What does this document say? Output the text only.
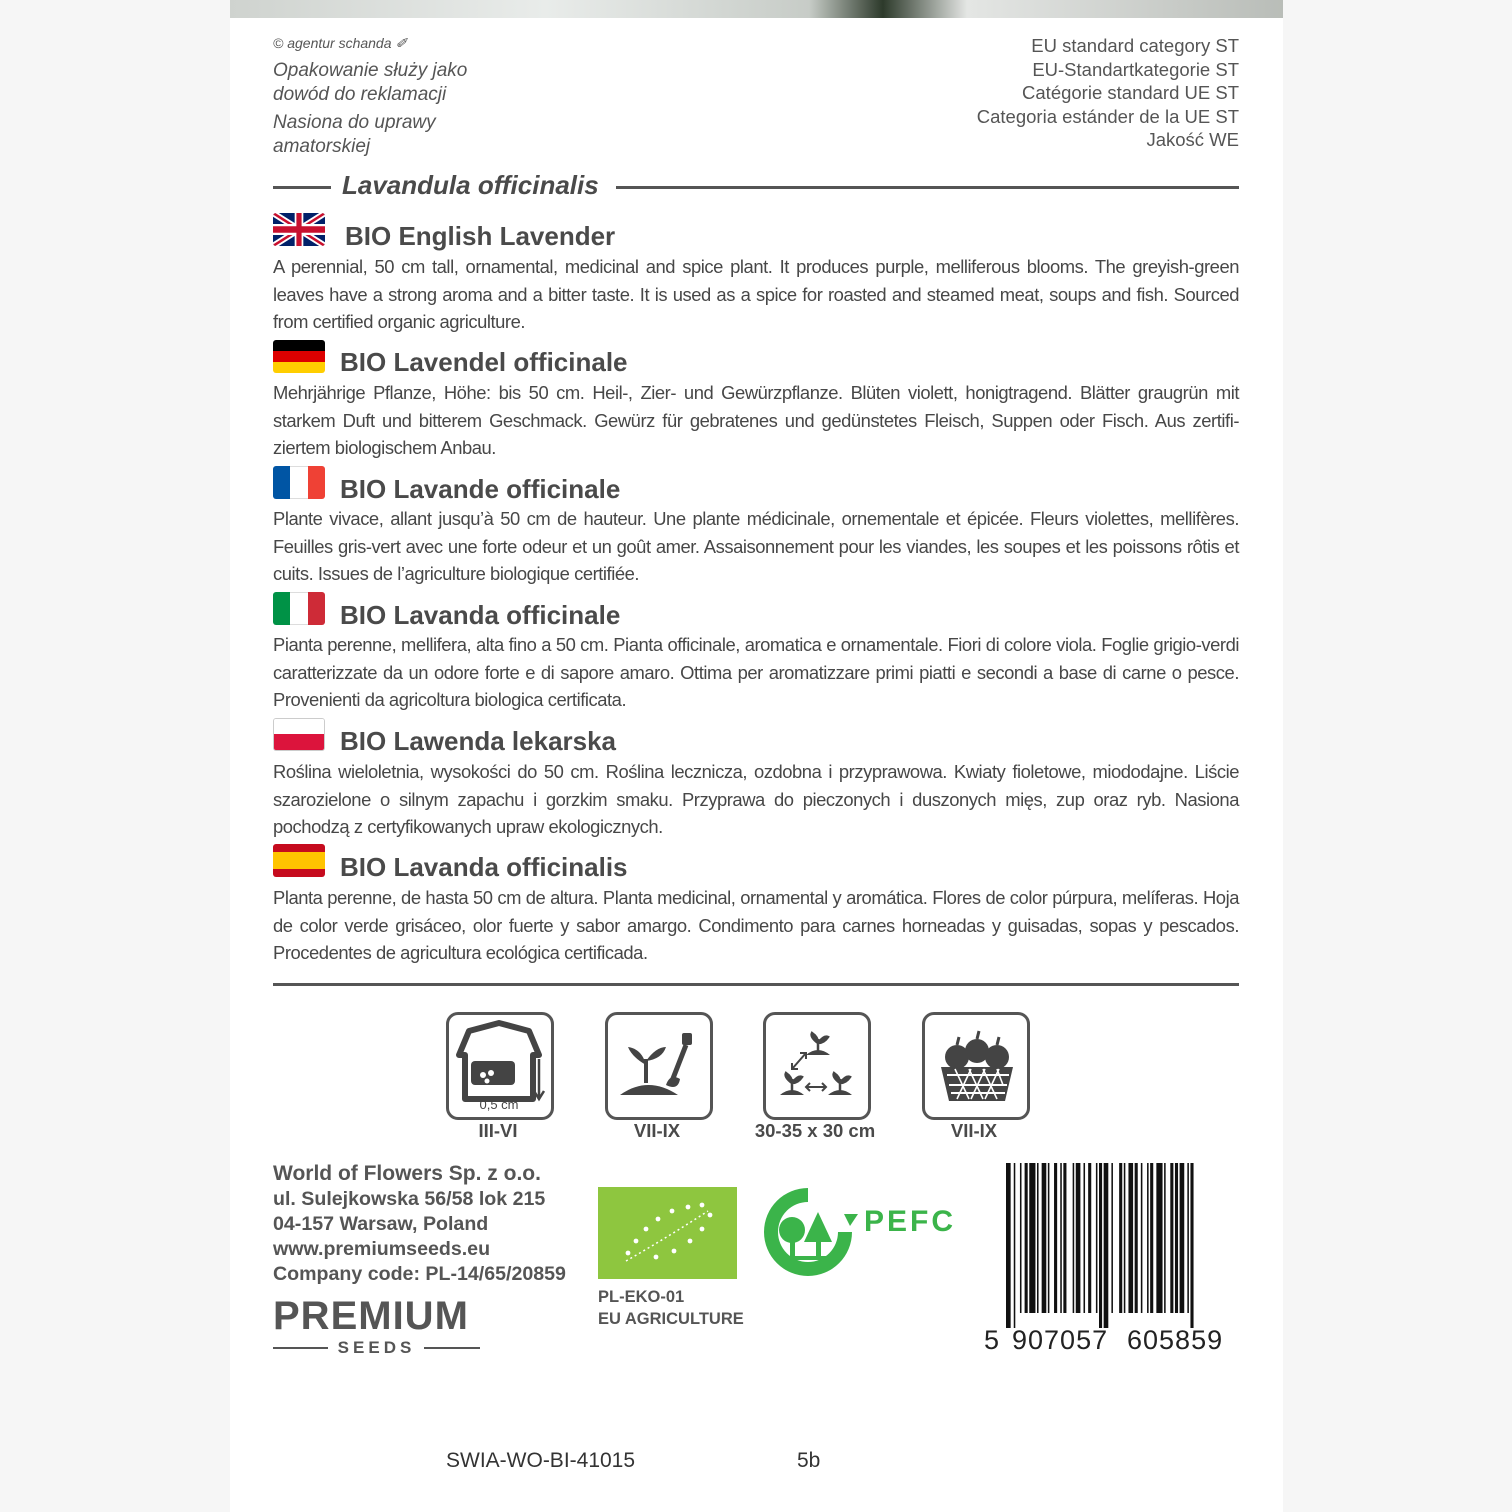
© agentur schanda ✐
Opakowanie służy jako
dowód do reklamacji
Nasiona do uprawy
amatorskiej
EU standard category ST
EU-Standartkategorie ST
Catégorie standard UE ST
Categoria estánder de la UE ST
Jakość WE
Lavandula officinalis
BIO English Lavender
A perennial, 50 cm tall, ornamental, medicinal and spice plant. It produces purple, melliferous blooms. The greyish-green leaves have a strong aroma and a bitter taste. It is used as a spice for roasted and steamed meat, soups and fish. Sourced from certified organic agriculture.
BIO Lavendel officinale
Mehrjährige Pflanze, Höhe: bis 50 cm. Heil-, Zier- und Gewürzpflanze. Blüten violett, honigtragend. Blätter graugrün mit starkem Duft und bitterem Geschmack. Gewürz für gebratenes und gedünstetes Fleisch, Suppen oder Fisch. Aus zertifi-ziertem biologischem Anbau.
BIO Lavande officinale
Plante vivace, allant jusqu’à 50 cm de hauteur. Une plante médicinale, ornementale et épicée. Fleurs violettes, mellifères. Feuilles gris-vert avec une forte odeur et un goût amer. Assaisonnement pour les viandes, les soupes et les poissons rôtis et cuits. Issues de l’agriculture biologique certifiée.
BIO Lavanda officinale
Pianta perenne, mellifera, alta fino a 50 cm. Pianta officinale, aromatica e ornamentale. Fiori di colore viola. Foglie grigio-verdi caratterizzate da un odore forte e di sapore amaro. Ottima per aromatizzare primi piatti e secondi a base di carne o pesce. Provenienti da agricoltura biologica certificata.
BIO Lawenda lekarska
Roślina wieloletnia, wysokości do 50 cm. Roślina lecznicza, ozdobna i przyprawowa. Kwiaty fioletowe, miododajne. Liście szarozielone o silnym zapachu i gorzkim smaku. Przyprawa do pieczonych i duszonych mięs, zup oraz ryb. Nasiona pochodzą z certyfikowanych upraw ekologicznych.
BIO Lavanda officinalis
Planta perenne, de hasta 50 cm de altura. Planta medicinal, ornamental y aromática. Flores de color púrpura, melíferas. Hoja de color verde grisáceo, olor fuerte y sabor amargo. Condimento para carnes horneadas y guisadas, sopas y pescados. Procedentes de agricultura ecológica certificada.
0,5 cm
III-VI	VII-IX	30-35 x 30 cm	VII-IX
World of Flowers Sp. z o.o.
ul. Sulejkowska 56/58 lok 215
04-157 Warsaw, Poland
www.premiumseeds.eu
Company code: PL-14/65/20859
PREMIUM
SEEDS
PL-EKO-01
EU AGRICULTURE
PEFC
5 907057 605859
SWIA-WO-BI-41015	5b
